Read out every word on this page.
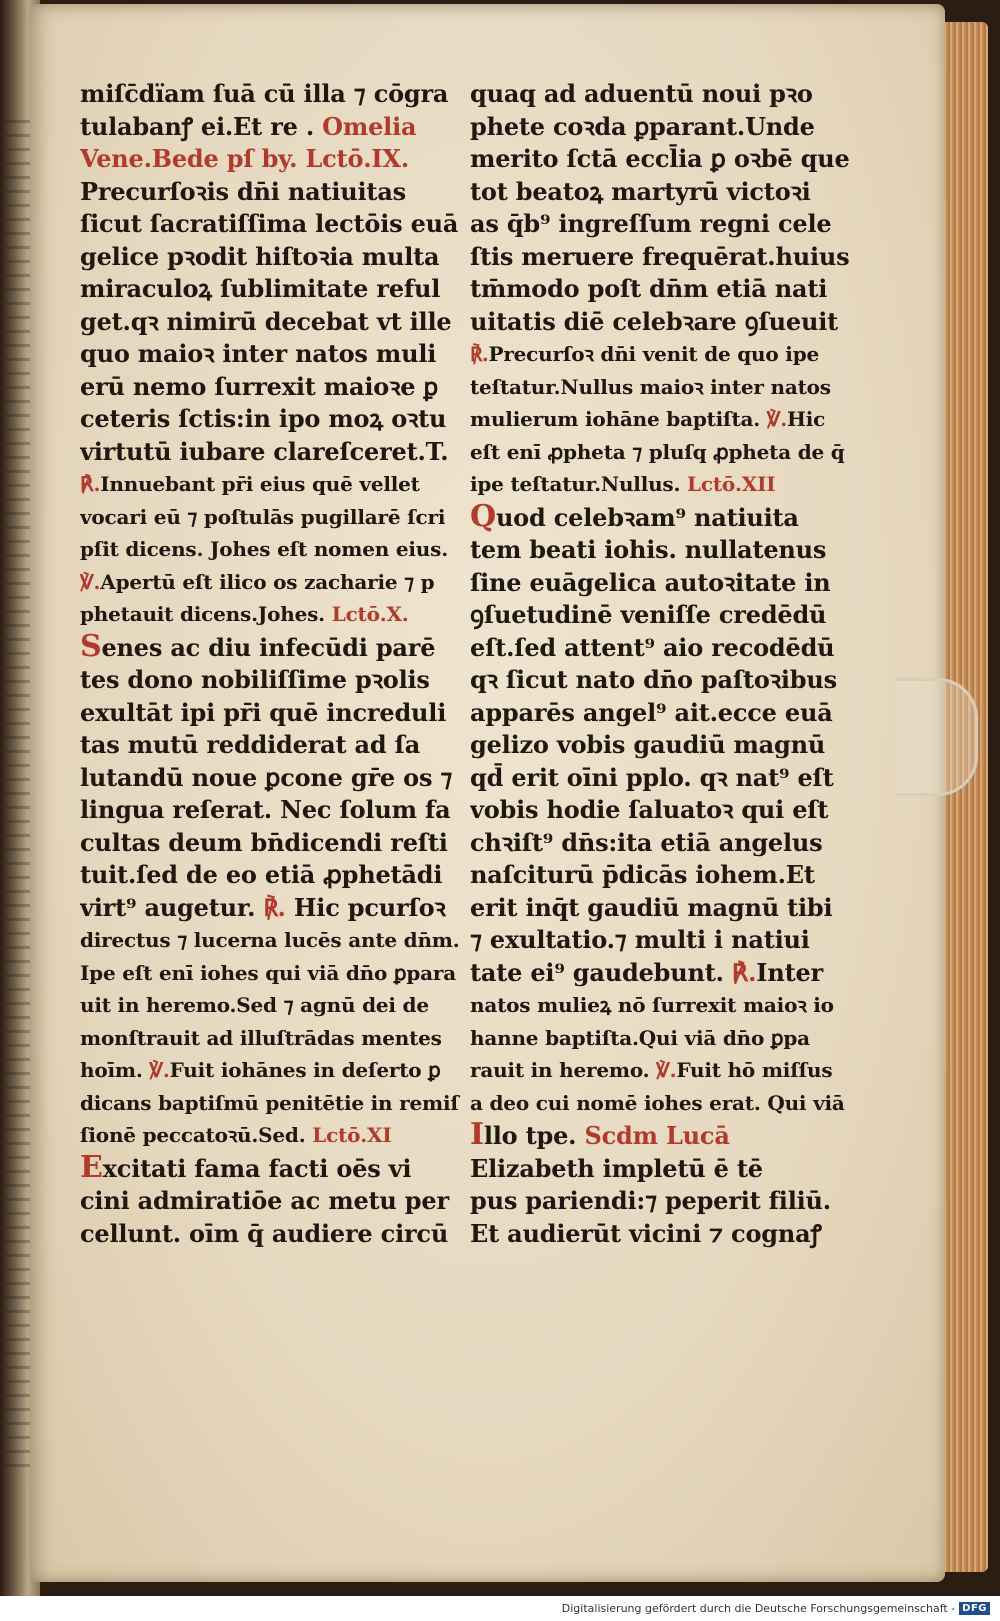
miſc̄dïam ſuā cū illa ⁊ cōgra
tulabanꝭ ei.Et re . Omelia
Vene.Bede pſ by. Lctō.IX.
Precurſoꝛis dn̄i natiuitas
ſicut ſacratiſſima lectōis euā
gelice pꝛodit hiſtoꝛia multa
miraculoꝝ ſublimitate reful
get.qꝛ nimirū decebat vt ille
quo maioꝛ inter natos muli
erū nemo ſurrexit maioꝛe ꝑ
ceteris ſctis:in ipo moꝝ oꝛtu
virtutū iubare clareſceret.T.
℟.Innuebant pr̄i eius quē vellet
vocari eū ⁊ poſtulās pugillarē ſcri
pſit dicens. Johes eſt nomen eius.
℣.Apertū eſt ilico os zacharie ⁊ p
phetauit dicens.Johes. Lctō.X.
Senes ac diu infecūdi parē
tes dono nobiliſſime pꝛolis
exultāt ipi pr̄i quē increduli
tas mutū reddiderat ad ſa
lutandū noue ꝑcone gr̄e os ⁊
lingua reſerat. Nec ſolum fa
cultas deum bn̄dicendi reſti
tuit.ſed de eo etiā ꝓphetādi
virt⁹ augetur. ℟. Hic pcurſoꝛ
directus ⁊ lucerna lucēs ante dn̄m.
Ipe eſt enī iohes qui viā dn̄o ꝑpara
uit in heremo.Sed ⁊ agnū dei de
monſtrauit ad illuſtrādas mentes
hoīm. ℣.Fuit iohānes in deſerto ꝑ
dicans baptiſmū penitētie in remiſ
ſionē peccatoꝛū.Sed. Lctō.XI
Excitati fama facti oēs vi
cini admiratiōe ac metu per
cellunt. oīm q̄ audiere circū
quaq ad aduentū noui pꝛo
phete coꝛda ꝑparant.Unde
merito ſctā eccl̄ia ꝑ oꝛbē que
tot beatoꝝ martyrū victoꝛi
as q̄b⁹ ingreſſum regni cele
ſtis meruere frequērat.huius
tm̄modo poſt dn̄m etiā nati
uitatis diē celebꝛare ꝯſueuit
℟.Precurſoꝛ dn̄i venit de quo ipe
teſtatur.Nullus maioꝛ inter natos
mulierum iohāne baptiſta. ℣.Hic
eſt enī ꝓpheta ⁊ pluſq ꝓpheta de q̄
ipe teſtatur.Nullus. Lctō.XII
Quod celebꝛam⁹ natiuita
tem beati iohis. nullatenus
ſine euāgelica autoꝛitate in
ꝯſuetudinē veniſſe credēdū
eſt.ſed attent⁹ aio recodēdū
qꝛ ſicut nato dn̄o paſtoꝛibus
apparēs angel⁹ ait.ecce euā
gelizo vobis gaudiū magnū
qd̄ erit oīni pplo. qꝛ nat⁹ eſt
vobis hodie ſaluatoꝛ qui eſt
chꝛiſt⁹ dn̄s:ita etiā angelus
naſciturū p̄dicās iohem.Et
erit inq̄t gaudiū magnū tibi
⁊ exultatio.⁊ multi i natiui
tate ei⁹ gaudebunt. ℟.Inter
natos mulieꝝ nō ſurrexit maioꝛ io
hanne baptiſta.Qui viā dn̄o ꝑpa
rauit in heremo. ℣.Fuit hō miſſus
a deo cui nomē iohes erat. Qui viā
Illo tpe. Scdm Lucā
Elizabeth impletū ē tē
pus pariendi:⁊ peperit filiū.
Et audierūt vicini ⁊ cognaꝭ
Digitalisierung gefördert durch die Deutsche Forschungsgemeinschaft - DFG
